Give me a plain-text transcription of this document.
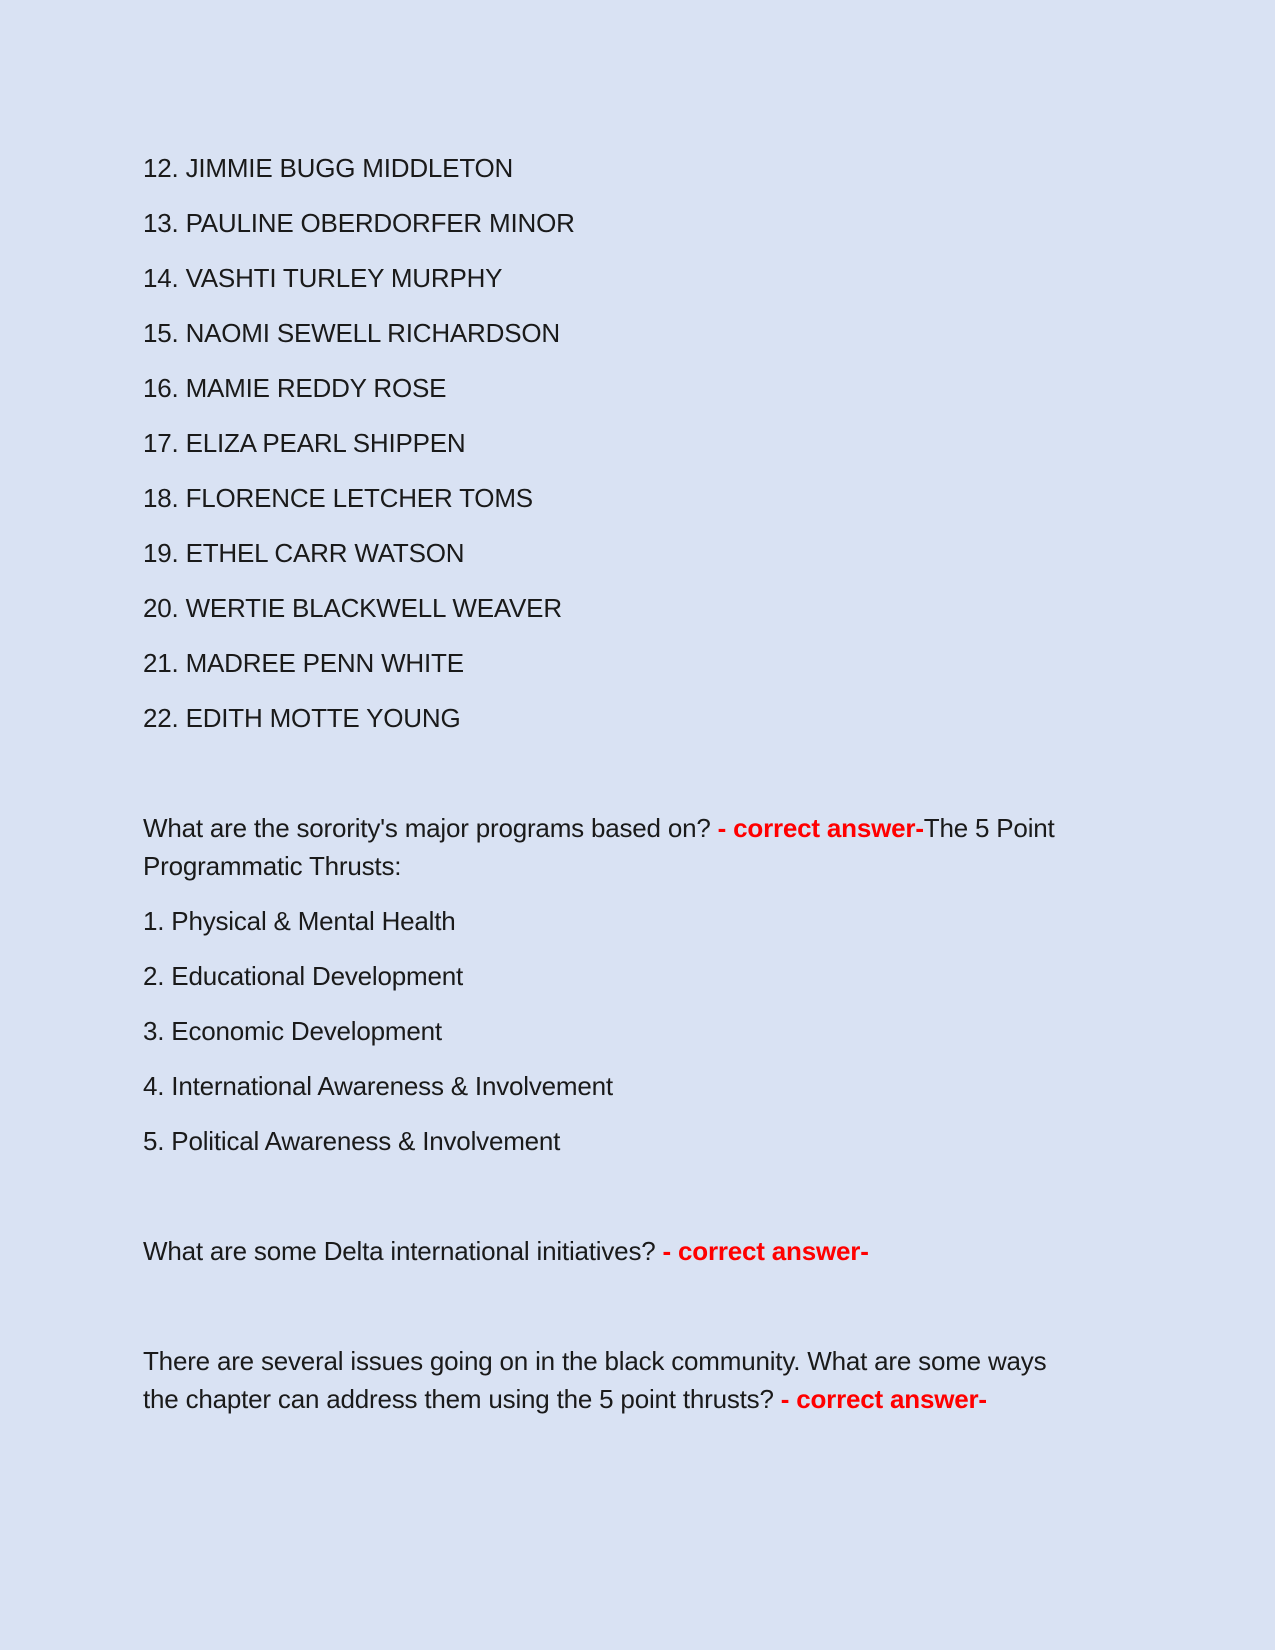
12. JIMMIE BUGG MIDDLETON

13. PAULINE OBERDORFER MINOR

14. VASHTI TURLEY MURPHY

15. NAOMI SEWELL RICHARDSON

16. MAMIE REDDY ROSE

17. ELIZA PEARL SHIPPEN

18. FLORENCE LETCHER TOMS

19. ETHEL CARR WATSON

20. WERTIE BLACKWELL WEAVER

21. MADREE PENN WHITE

22. EDITH MOTTE YOUNG

What are the sorority's major programs based on? - correct answer-The 5 Point
Programmatic Thrusts:

1. Physical & Mental Health

2. Educational Development

3. Economic Development

4. International Awareness & Involvement

5. Political Awareness & Involvement

What are some Delta international initiatives? - correct answer-

There are several issues going on in the black community. What are some ways
the chapter can address them using the 5 point thrusts? - correct answer-
